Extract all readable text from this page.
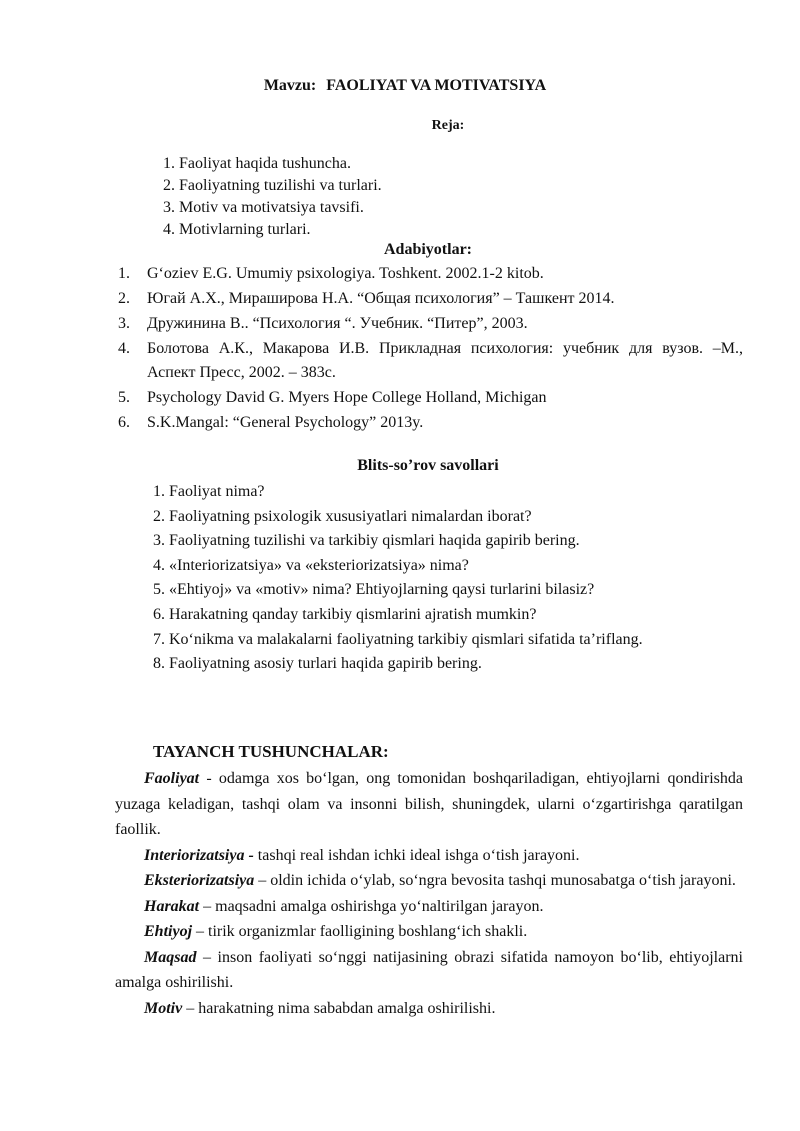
Mavzu: FAOLIYAT VA MOTIVATSIYA
Reja:
1. Faoliyat haqida tushuncha.
2. Faoliyatning tuzilishi va turlari.
3. Motiv va motivatsiya tavsifi.
4. Motivlarning turlari.
Adabiyotlar:
1. G‘oziev E.G. Umumiy psixologiya. Toshkent. 2002.1-2 kitob.
2. Югай А.Х., Мираширова Н.А. “Общая психология” – Ташкент 2014.
3. Дружинина В.. “Психология “. Учебник. “Питер”, 2003.
4. Болотова А.К., Макарова И.В. Прикладная психология: учебник для вузов. –М., Аспект Пресс, 2002. – 383с.
5. Psychology David G. Myers Hope College Holland, Michigan
6. S.K.Mangal: “General Psychology” 2013y.
Blits-so’rov savollari
1. Faoliyat nima?
2. Faoliyatning psixologik xususiyatlari nimalardan iborat?
3. Faoliyatning tuzilishi va tarkibiy qismlari haqida gapirib bering.
4. «Interiorizatsiya» va «eksteriorizatsiya» nima?
5. «Ehtiyoj» va «motiv» nima? Ehtiyojlarning qaysi turlarini bilasiz?
6. Harakatning qanday tarkibiy qismlarini ajratish mumkin?
7. Ko‘nikma va malakalarni faoliyatning tarkibiy qismlari sifatida ta’riflang.
8. Faoliyatning asosiy turlari haqida gapirib bering.
TAYANCH TUSHUNCHALAR:

Faoliyat - odamga xos bo‘lgan, ong tomonidan boshqariladigan, ehtiyojlarni qondirishda yuzaga keladigan, tashqi olam va insonni bilish, shuningdek, ularni o‘zgartirishga qaratilgan faollik.

Interiorizatsiya - tashqi real ishdan ichki ideal ishga o‘tish jarayoni.

Eksteriorizatsiya – oldin ichida o‘ylab, so‘ngra bevosita tashqi munosabatga o‘tish jarayoni.

Harakat – maqsadni amalga oshirishga yo‘naltirilgan jarayon.

Ehtiyoj – tirik organizmlar faolligining boshlang‘ich shakli.

Maqsad – inson faoliyati so‘nggi natijasining obrazi sifatida namoyon bo‘lib, ehtiyojlarni amalga oshirilishi.

Motiv – harakatning nima sababdan amalga oshirilishi.
